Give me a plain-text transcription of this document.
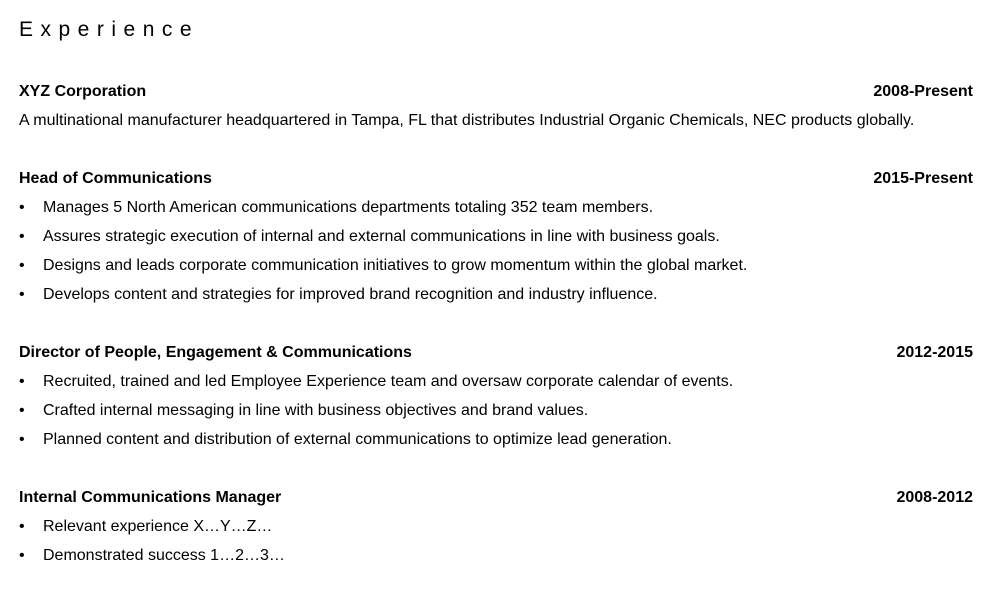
Experience
XYZ Corporation	2008-Present
A multinational manufacturer headquartered in Tampa, FL that distributes Industrial Organic Chemicals, NEC products globally.
Head of Communications	2015-Present
• Manages 5 North American communications departments totaling 352 team members.
• Assures strategic execution of internal and external communications in line with business goals.
• Designs and leads corporate communication initiatives to grow momentum within the global market.
• Develops content and strategies for improved brand recognition and industry influence.
Director of People, Engagement & Communications	2012-2015
• Recruited, trained and led Employee Experience team and oversaw corporate calendar of events.
• Crafted internal messaging in line with business objectives and brand values.
• Planned content and distribution of external communications to optimize lead generation.
Internal Communications Manager	2008-2012
• Relevant experience X…Y…Z…
• Demonstrated success 1…2…3…
